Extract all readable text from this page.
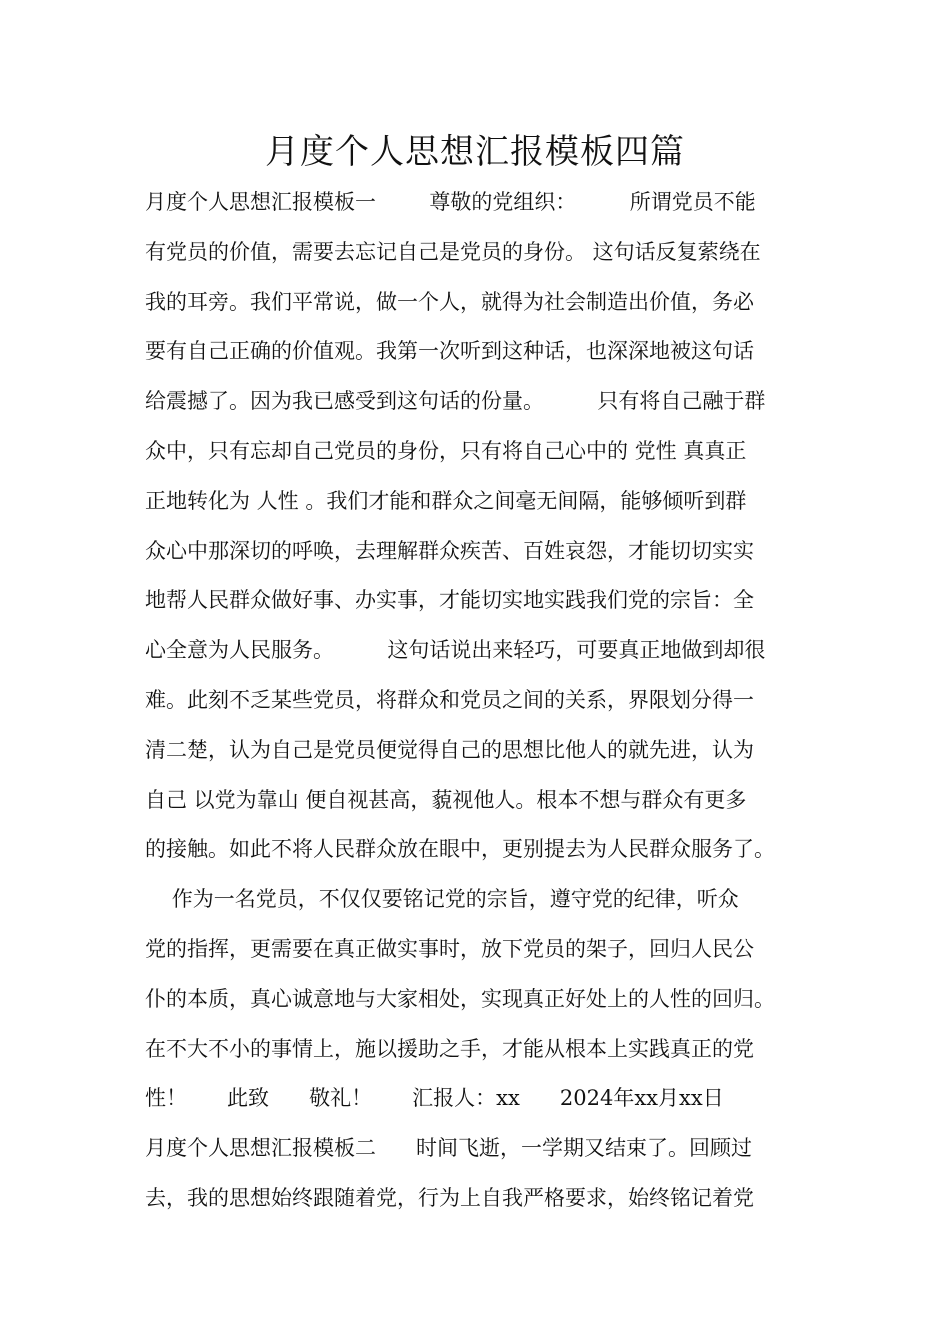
月度个人思想汇报模板四篇
月度个人思想汇报模板一        尊敬的党组织：        所谓党员不能
有党员的价值，需要去忘记自己是党员的身份。 这句话反复萦绕在
我的耳旁。我们平常说，做一个人，就得为社会制造出价值，务必
要有自己正确的价值观。我第一次听到这种话，也深深地被这句话
给震撼了。因为我已感受到这句话的份量。        只有将自己融于群
众中，只有忘却自己党员的身份，只有将自己心中的 党性 真真正
正地转化为 人性 。我们才能和群众之间毫无间隔，能够倾听到群
众心中那深切的呼唤，去理解群众疾苦、百姓哀怨，才能切切实实
地帮人民群众做好事、办实事，才能切实地实践我们党的宗旨：全
心全意为人民服务。        这句话说出来轻巧，可要真正地做到却很
难。此刻不乏某些党员，将群众和党员之间的关系，界限划分得一
清二楚，认为自己是党员便觉得自己的思想比他人的就先进，认为
自己 以党为靠山 便自视甚高，藐视他人。根本不想与群众有更多
的接触。如此不将人民群众放在眼中，更别提去为人民群众服务了。
作为一名党员，不仅仅要铭记党的宗旨，遵守党的纪律，听众
党的指挥，更需要在真正做实事时，放下党员的架子，回归人民公
仆的本质，真心诚意地与大家相处，实现真正好处上的人性的回归。
在不大不小的事情上，施以援助之手，才能从根本上实践真正的党
性！      此致      敬礼！      汇报人：xx      2024年xx月xx日
月度个人思想汇报模板二      时间飞逝，一学期又结束了。回顾过
去，我的思想始终跟随着党，行为上自我严格要求，始终铭记着党
